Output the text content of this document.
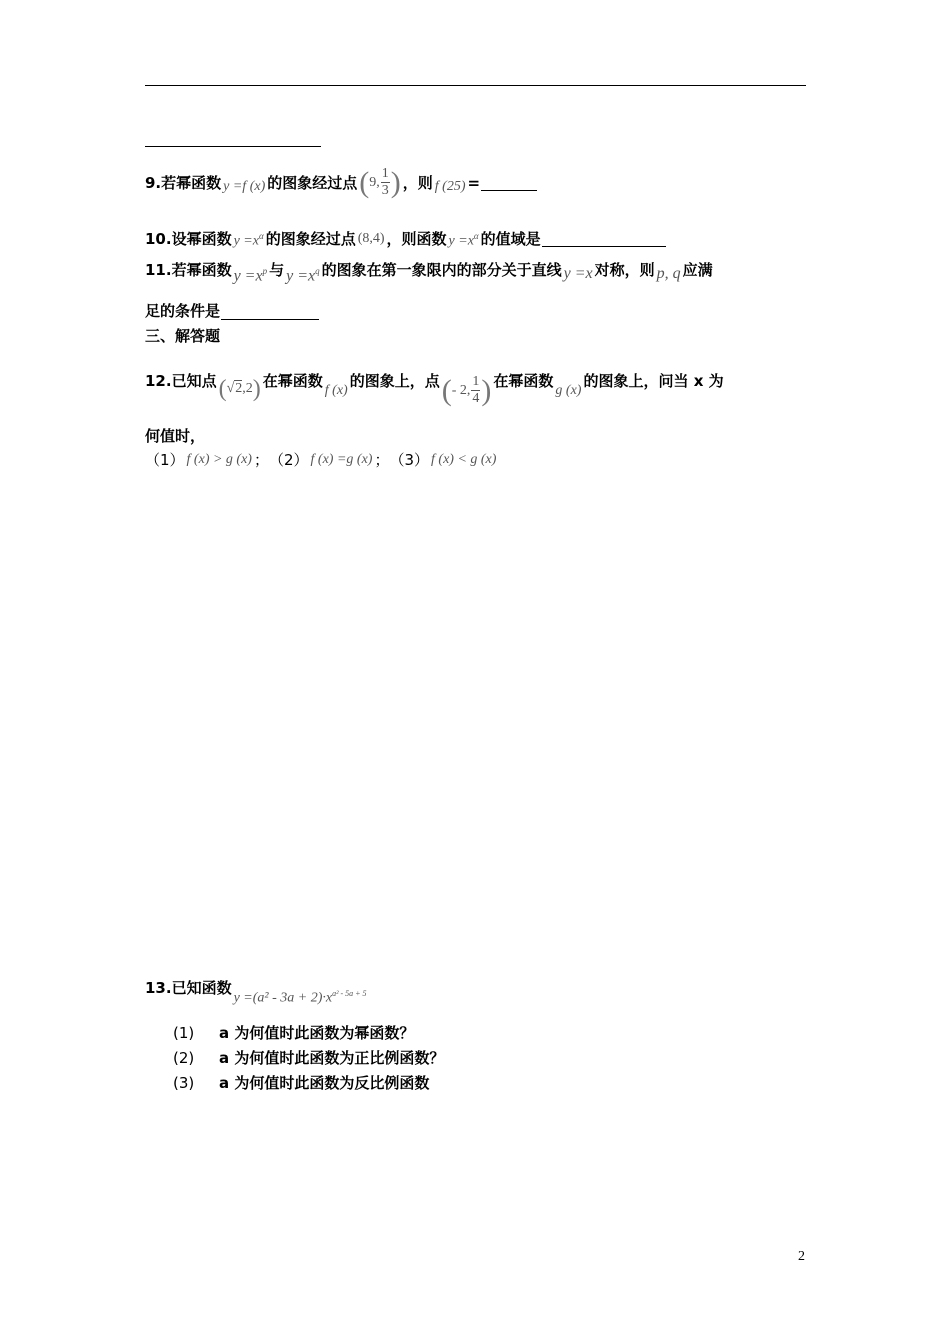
9.若幂函数 y =f (x) 的图象经过点 ( 9, $\frac{1}{3}$ ) ，则 f (25) =
10.设幂函数 $y =x^\alpha$ 的图象经过点 (8,4) ，则函数 $y =x^\alpha$ 的值域是
11.若幂函数 $y =x^p$ 与 $y =x^q$ 的图象在第一象限内的部分关于直线 y =x 对称，则 p, q 应满
足的条件是
三、解答题
12.已知点 ( √2 ,2 ) 在幂函数
f (x)
的图象上，点 ( - 2, $\frac{1}{4}$ ) 在幂函数
g (x)
的图象上，问当 x 为
何值时，
（1） f (x) > g (x) ； （2） f (x) =g (x) ； （3） f (x) < g (x)
13.已知函数
$y =(a^2 - 3a + 2)\cdot x^{a^2 - 5a + 5}$
(1) a 为何值时此函数为幂函数？
(2) a 为何值时此函数为正比例函数？
(3) a 为何值时此函数为反比例函数
2
